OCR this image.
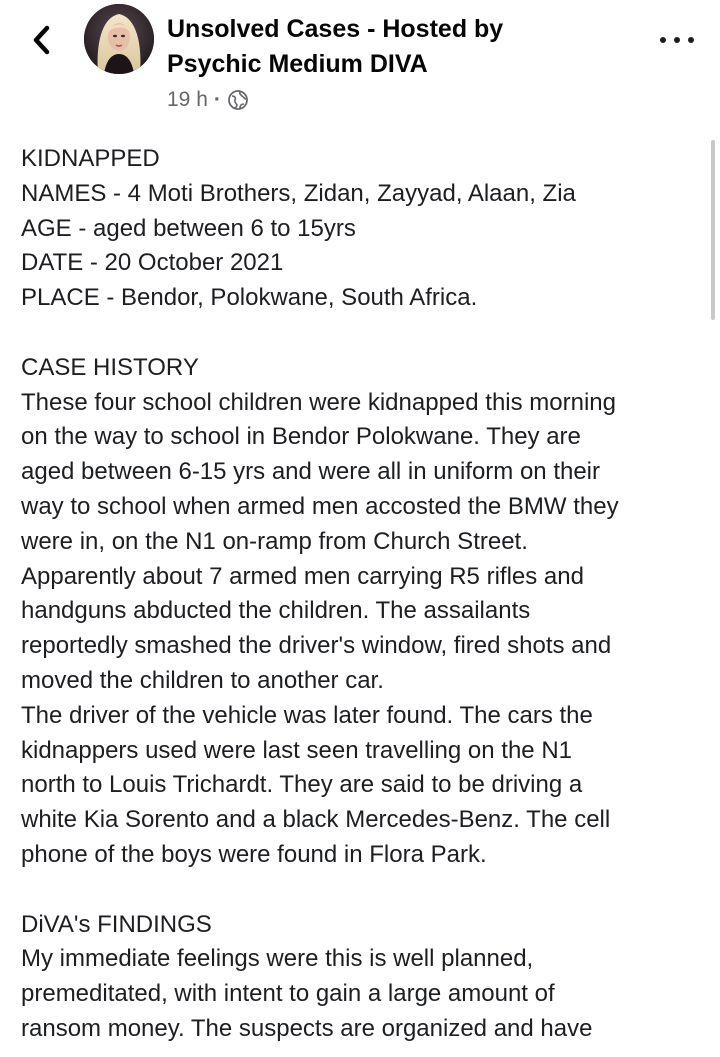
Unsolved Cases - Hosted by
Psychic Medium DIVA
19 h ·
KIDNAPPED
NAMES - 4 Moti Brothers, Zidan, Zayyad, Alaan, Zia
AGE - aged between 6 to 15yrs
DATE - 20 October 2021
PLACE - Bendor, Polokwane, South Africa.
CASE HISTORY
These four school children were kidnapped this morning
on the way to school in Bendor Polokwane. They are
aged between 6-15 yrs and were all in uniform on their
way to school when armed men accosted the BMW they
were in, on the N1 on-ramp from Church Street.
Apparently about 7 armed men carrying R5 rifles and
handguns abducted the children. The assailants
reportedly smashed the driver's window, fired shots and
moved the children to another car.
The driver of the vehicle was later found. The cars the
kidnappers used were last seen travelling on the N1
north to Louis Trichardt. They are said to be driving a
white Kia Sorento and a black Mercedes-Benz. The cell
phone of the boys were found in Flora Park.
DiVA's FINDINGS
My immediate feelings were this is well planned,
premeditated, with intent to gain a large amount of
ransom money. The suspects are organized and have
